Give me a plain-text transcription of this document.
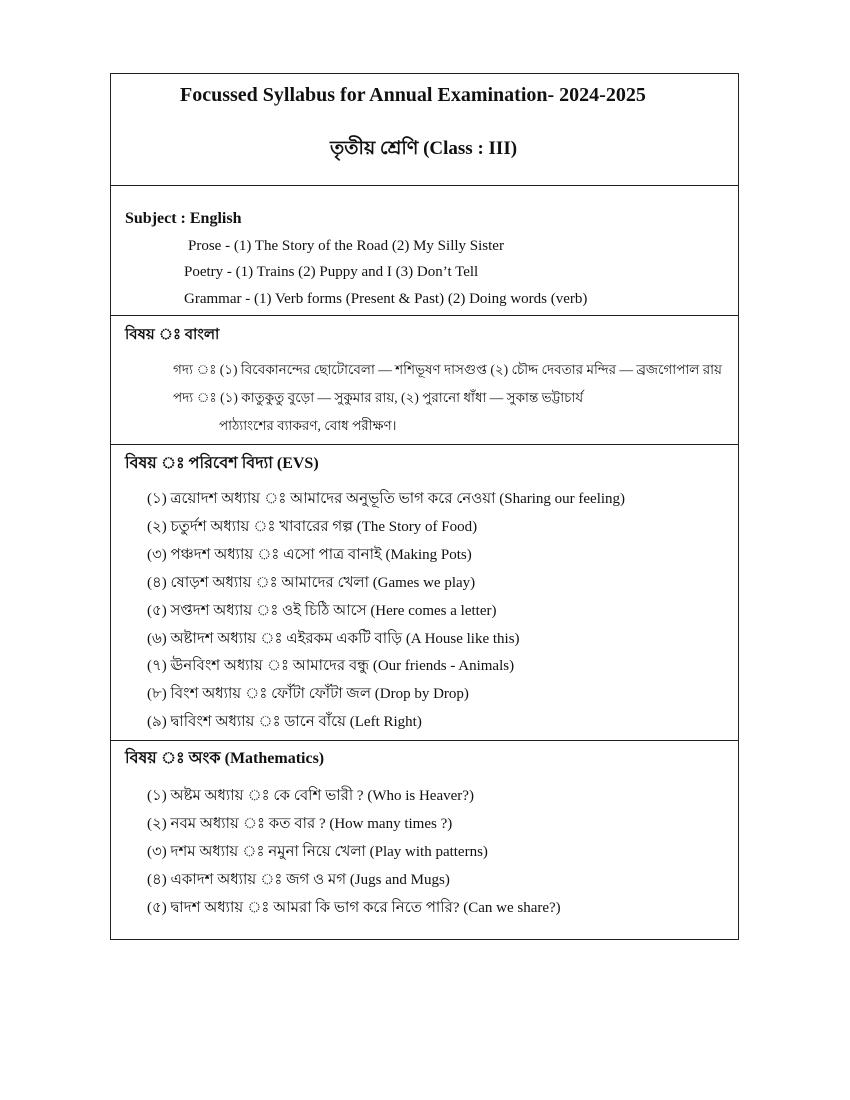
Focussed Syllabus for Annual Examination- 2024-2025
তৃতীয় শ্রেণি (Class : III)
Subject : English
Prose - (1) The Story of the Road (2) My Silly Sister
Poetry - (1) Trains (2) Puppy and I (3) Don’t Tell
Grammar - (1) Verb forms (Present & Past) (2) Doing words (verb)
বিষয় ঃ বাংলা
গদ্য ঃ (১) বিবেকানন্দের ছোটোবেলা — শশিভূষণ দাসগুপ্ত (২) চৌদ্দ দেবতার মন্দির — ব্রজগোপাল রায়
পদ্য ঃ (১) কাতুকুতু বুড়ো — সুকুমার রায়, (২) পুরানো ধাঁধা — সুকান্ত ভট্টাচার্য
পাঠ্যাংশের ব্যাকরণ, বোধ পরীক্ষণ।
বিষয় ঃ পরিবেশ বিদ্যা (EVS)
(১) ত্রয়োদশ অধ্যায় ঃ আমাদের অনুভূতি ভাগ করে নেওয়া (Sharing our feeling)
(২) চতুর্দশ অধ্যায় ঃ খাবারের গল্প (The Story of Food)
(৩) পঞ্চদশ অধ্যায় ঃ এসো পাত্র বানাই (Making Pots)
(৪) ষোড়শ অধ্যায় ঃ আমাদের খেলা (Games we play)
(৫) সপ্তদশ অধ্যায় ঃ ওই চিঠি আসে (Here comes a letter)
(৬) অষ্টাদশ অধ্যায় ঃ এইরকম একটি বাড়ি (A House like this)
(৭) ঊনবিংশ অধ্যায় ঃ আমাদের বন্ধু (Our friends - Animals)
(৮) বিংশ অধ্যায় ঃ ফোঁটা ফোঁটা জল (Drop by Drop)
(৯) দ্বাবিংশ অধ্যায় ঃ ডানে বাঁয়ে (Left Right)
বিষয় ঃ অংক (Mathematics)
(১) অষ্টম অধ্যায় ঃ কে বেশি ভারী ? (Who is Heaver?)
(২) নবম অধ্যায় ঃ কত বার ? (How many times ?)
(৩) দশম অধ্যায় ঃ নমুনা নিয়ে খেলা (Play with patterns)
(৪) একাদশ অধ্যায় ঃ জগ ও মগ (Jugs and Mugs)
(৫) দ্বাদশ অধ্যায় ঃ আমরা কি ভাগ করে নিতে পারি? (Can we share?)
